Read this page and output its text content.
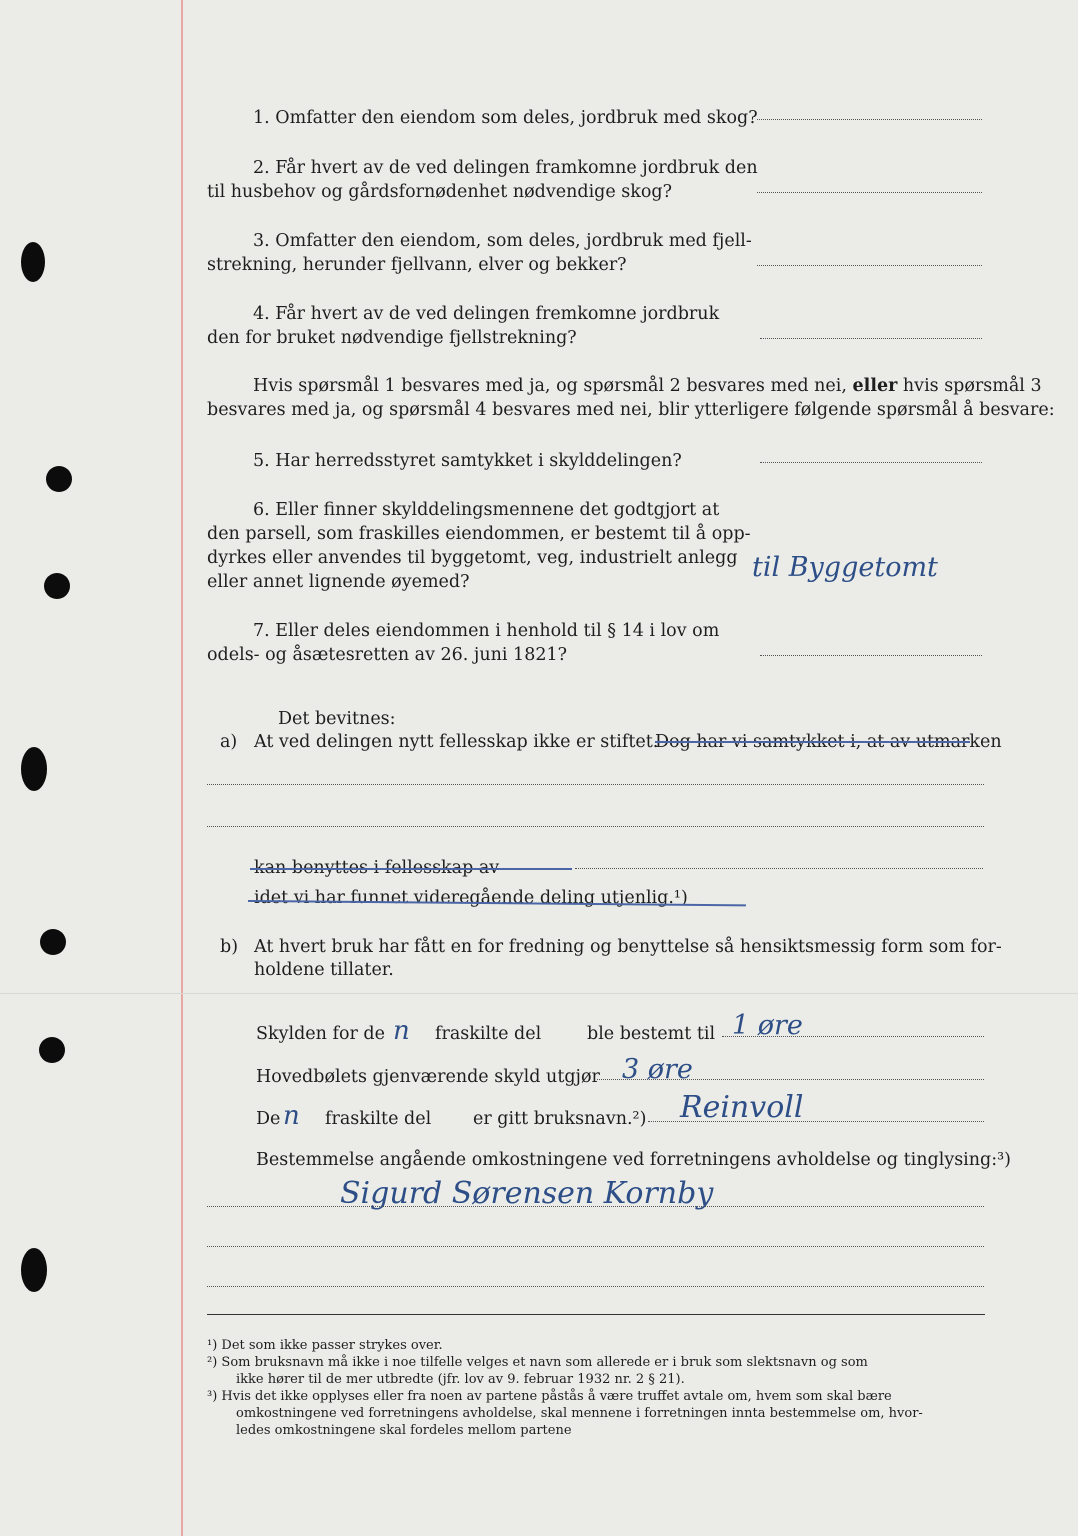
1. Omfatter den eiendom som deles, jordbruk med skog?
2. Får hvert av de ved delingen framkomne jordbruk den
til husbehov og gårdsfornødenhet nødvendige skog?
3. Omfatter den eiendom, som deles, jordbruk med fjell-
strekning, herunder fjellvann, elver og bekker?
4. Får hvert av de ved delingen fremkomne jordbruk
den for bruket nødvendige fjellstrekning?
Hvis spørsmål 1 besvares med ja, og spørsmål 2 besvares med nei, eller hvis spørsmål 3
besvares med ja, og spørsmål 4 besvares med nei, blir ytterligere følgende spørsmål å besvare:
5. Har herredsstyret samtykket i skylddelingen?
6. Eller finner skylddelingsmennene det godtgjort at
den parsell, som fraskilles eiendommen, er bestemt til å opp-
dyrkes eller anvendes til byggetomt, veg, industrielt anlegg
eller annet lignende øyemed?	til Byggetomt
7. Eller deles eiendommen i henhold til § 14 i lov om
odels- og åsætesretten av 26. juni 1821?
Det bevitnes:
a) At ved delingen nytt fellesskap ikke er stiftet.
Dog har vi samtykket i, at av utmarken
kan benyttes i fellesskap av
idet vi har funnet videregående deling utjenlig.¹)
b) At hvert bruk har fått en for fredning og benyttelse så hensiktsmessig form som for-
holdene tillater.
Skylden for de n fraskilte del	ble bestemt til 1 øre
Hovedbølets gjenværende skyld utgjør 3 øre
De n fraskilte del er gitt bruksnavn.²) Reinvoll
Bestemmelse angående omkostningene ved forretningens avholdelse og tinglysing:³)
Sigurd Sørensen Kornby
¹) Det som ikke passer strykes over.
²) Som bruksnavn må ikke i noe tilfelle velges et navn som allerede er i bruk som slektsnavn og som
ikke hører til de mer utbredte (jfr. lov av 9. februar 1932 nr. 2 § 21).
³) Hvis det ikke opplyses eller fra noen av partene påstås å være truffet avtale om, hvem som skal bære
omkostningene ved forretningens avholdelse, skal mennene i forretningen innta bestemmelse om, hvor-
ledes omkostningene skal fordeles mellom partene
